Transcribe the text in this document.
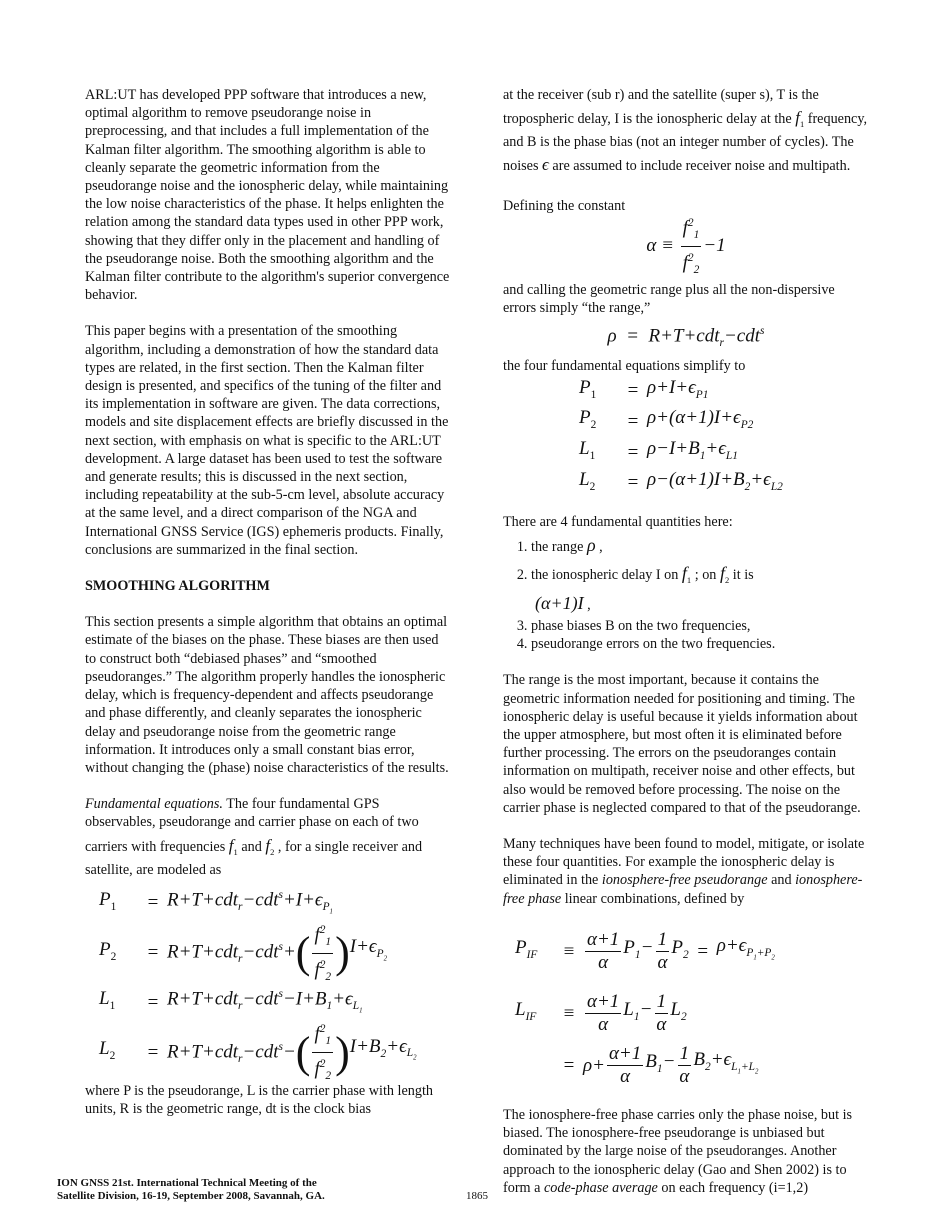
ARL:UT has developed PPP software that introduces a new, optimal algorithm to remove pseudorange noise in preprocessing, and that includes a full implementation of the Kalman filter algorithm. The smoothing algorithm is able to cleanly separate the geometric information from the pseudorange noise and the ionospheric delay, while maintaining the low noise characteristics of the phase. It helps enlighten the relation among the standard data types used in other PPP work, showing that they differ only in the placement and handling of the pseudorange noise. Both the smoothing algorithm and the Kalman filter contribute to the algorithm's superior convergence behavior.

This paper begins with a presentation of the smoothing algorithm, including a demonstration of how the standard data types are related, in the first section. Then the Kalman filter design is presented, and specifics of the tuning of the filter and its implementation in software are given. The data corrections, models and site displacement effects are briefly discussed in the next section, with emphasis on what is specific to the ARL:UT development. A large dataset has been used to test the software and generate results; this is discussed in the next section, including repeatability at the sub-5-cm level, absolute accuracy at the same level, and a direct comparison of the NGA and International GNSS Service (IGS) ephemeris products. Finally, conclusions are summarized in the final section.

SMOOTHING ALGORITHM

This section presents a simple algorithm that obtains an optimal estimate of the biases on the phase. These biases are then used to construct both “debiased phases” and “smoothed pseudoranges.” The algorithm properly handles the ionospheric delay, which is frequency-dependent and affects pseudorange and phase differently, and cleanly separates the ionospheric delay and pseudorange noise from the geometric range information. It introduces only a small constant bias error, without changing the (phase) noise characteristics of the results.

Fundamental equations. The four fundamental GPS observables, pseudorange and carrier phase on each of two carriers with frequencies $f_1$ and $f_2$ , for a single receiver and satellite, are modeled as

$P_1$	= $R+T+cdt_r-cdt^s+I+\epsilon_{P_1}$
$P_2$	= R+T+cdt$_r$−cdt$^s$+ ( $\frac{f^2_1}{f^2_2}$ ) $I+\epsilon_{P_2}$
$L_1$	= $R+T+cdt_r-cdt^s-I+B_1+\epsilon_{L_1}$
$L_2$	= R+T+cdt$_r$−cdt$^s$− ( $\frac{f^2_1}{f^2_2}$ ) $I+B_2+\epsilon_{L_2}$

where P is the pseudorange, L is the carrier phase with length units, R is the geometric range, dt is the clock bias

at the receiver (sub r) and the satellite (super s), T is the tropospheric delay, I is the ionospheric delay at the $f_1$ frequency, and B is the phase bias (not an integer number of cycles). The noises ϵ are assumed to include receiver noise and multipath.

Defining the constant

$\alpha \equiv \frac{f^2_1}{f^2_2} -1$

and calling the geometric range plus all the non-dispersive errors simply “the range,”

ρ  =  R+T+cdt$_r$−cdt$^s$

the four fundamental equations simplify to

$P_1$	= $\rho+I+\epsilon_{P1}$
$P_2$	= $\rho+(\alpha+1)I+\epsilon_{P2}$
$L_1$	= $\rho-I+B_1+\epsilon_{L1}$
$L_2$	= $\rho-(\alpha+1)I+B_2+\epsilon_{L2}$

There are 4 fundamental quantities here:

1. the range ρ ,
2. the ionospheric delay I on $f_1$ ; on $f_2$ it is
(α+1)I ,
3. phase biases B on the two frequencies,
4. pseudorange errors on the two frequencies.

The range is the most important, because it contains the geometric information needed for positioning and timing. The ionospheric delay is useful because it yields information about the upper atmosphere, but most often it is eliminated before further processing. The errors on the pseudoranges contain information on multipath, receiver noise and other effects, but also would be removed before processing. The noise on the carrier phase is neglected compared to that of the pseudorange.

Many techniques have been found to model, mitigate, or isolate these four quantities. For example the ionospheric delay is eliminated in the ionosphere-free pseudorange and ionosphere-free phase linear combinations, defined by

$P_{IF}$	≡ $\frac{\alpha+1}{\alpha} P_1- \frac{1}{\alpha} P_2 = \rho+\epsilon_{P_1+P_2}$
$L_{IF}$	≡ $\frac{\alpha+1}{\alpha} L_1- \frac{1}{\alpha} L_2$
= $\rho+ \frac{\alpha+1}{\alpha} B_1- \frac{1}{\alpha} B_2+\epsilon_{L_1+L_2}$

The ionosphere-free phase carries only the phase noise, but is biased. The ionosphere-free pseudorange is unbiased but dominated by the large noise of the pseudoranges. Another approach to the ionospheric delay (Gao and Shen 2002) is to form a code-phase average on each frequency (i=1,2)

ION GNSS 21st. International Technical Meeting of the
Satellite Division, 16-19, September 2008, Savannah, GA.	1865
